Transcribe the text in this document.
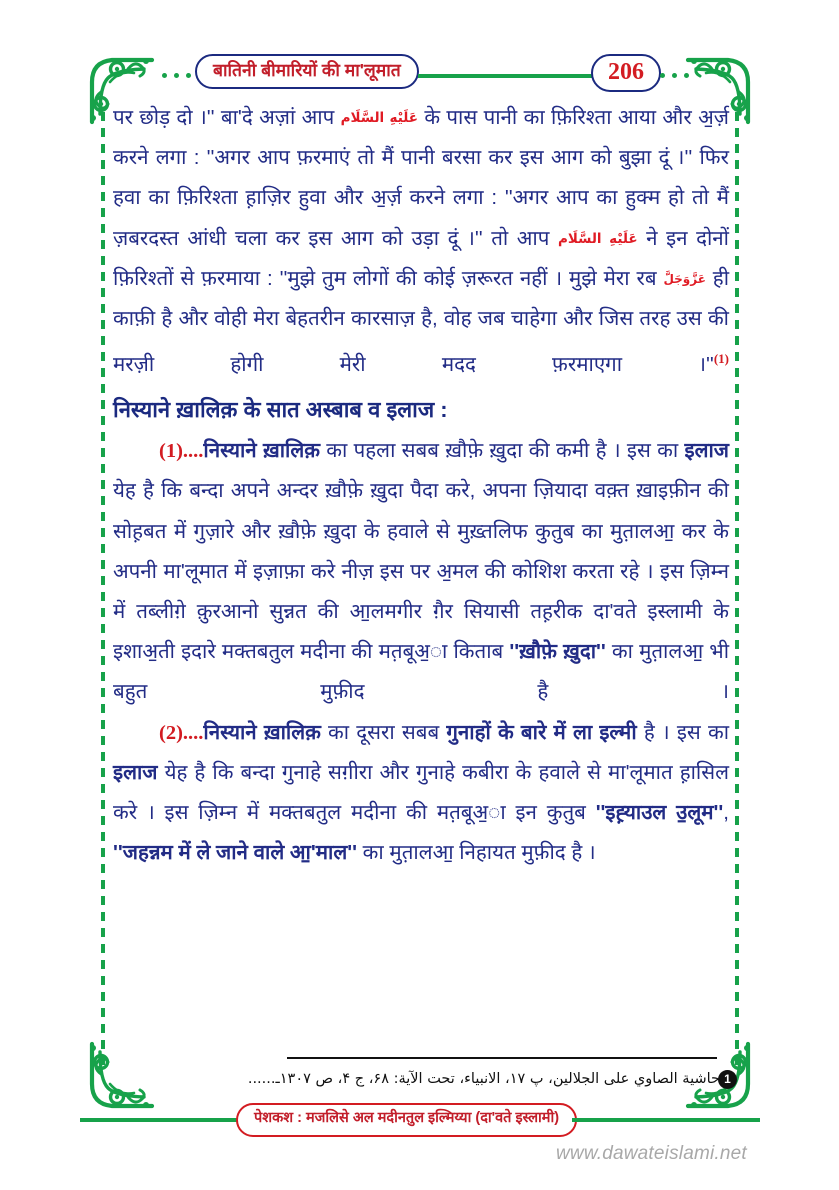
बातिनी बीमारियों की मा'लूमात	206

पर छोड़ दो ।'' बा'दे अज़ां आप عَلَیْهِ السَّلَام के पास पानी का फ़िरिश्ता आया और अ॒र्ज़ करने लगा : ''अगर आप फ़रमाएं तो मैं पानी बरसा कर इस आग को बुझा दूं ।'' फिर हवा का फ़िरिश्ता ह़ाज़िर हुवा और अ॒र्ज़ करने लगा : ''अगर आप का हुक्म हो तो मैं ज़बरदस्त आंधी चला कर इस आग को उड़ा दूं ।'' तो आप عَلَیْهِ السَّلَام ने इन दोनों फ़िरिश्तों से फ़रमाया : ''मुझे तुम लोगों की कोई ज़रूरत नहीं । मुझे मेरा रब عَزَّوَجَلَّ ही काफ़ी है और वोही मेरा बेहतरीन कारसाज़ है, वोह जब चाहेगा और जिस तरह उस की मरज़ी होगी मेरी मदद फ़रमाएगा ।''$^{(1)}$

निस्याने ख़ालिक़ के सात अस्बाब व इलाज :

(1)....निस्याने ख़ालिक़ का पहला सबब ख़ौफ़े ख़ुदा की कमी है । इस का इलाज येह है कि बन्दा अपने अन्दर ख़ौफ़े ख़ुदा पैदा करे, अपना ज़ियादा वक़्त ख़ाइफ़ीन की सोह़बत में गुज़ारे और ख़ौफ़े ख़ुदा के हवाले से मुख़्तलिफ कुतुब का मुत़ालआ॒ कर के अपनी मा'लूमात में इज़ाफ़ा करे नीज़ इस पर अ॒मल की कोशिश करता रहे । इस ज़िम्न में तब्लीग़े क़ुरआनो सुन्नत की आ॒लमगीर ग़ैर सियासी तह़रीक दा'वते इस्लामी के इशाअ॒ती इदारे मक्तबतुल मदीना की मत़बूअ॒ा किताब ''ख़ौफ़े ख़ुदा'' का मुत़ालआ॒ भी बहुत मुफ़ीद है ।

(2)....निस्याने ख़ालिक़ का दूसरा सबब गुनाहों के बारे में ला इल्मी है । इस का इलाज येह है कि बन्दा गुनाहे सग़ीरा और गुनाहे कबीरा के हवाले से मा'लूमात ह़ासिल करे । इस ज़िम्न में मक्तबतुल मदीना की मत़बूअ॒ा इन कुतुब ''इह़्याउल उ॒लूम'', ''जहन्नम में ले जाने वाले आ॒'माल'' का मुत़ालआ॒ निहायत मुफ़ीद है ।

1
حاشية الصاوي على الجلالين، پ ۱۷، الانبياء، تحت الآية: ۶۸، ج ۴، ص ۱۳۰۷ـ......
पेशकश : मजलिसे अल मदीनतुल इल्मिय्या (दा'वते इस्लामी)
www.dawateislami.net
